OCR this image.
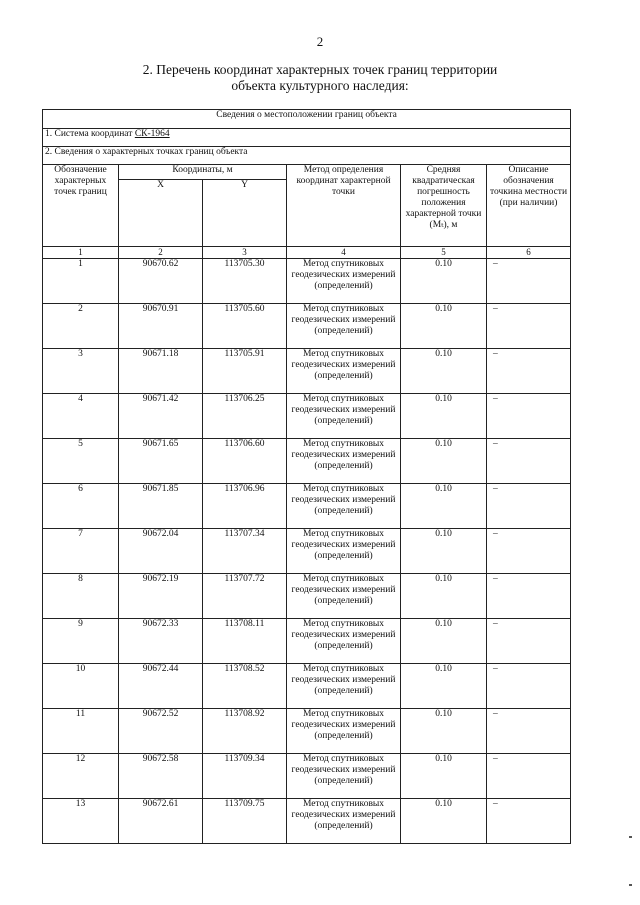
2
2. Перечень координат характерных точек границ территории
объекта культурного наследия:
Сведения о местоположении границ объекта					
1. Система координат СК-1964					
2. Сведения о характерных точках границ объекта					
Обозначение характерных точек границ	Координаты, м		Метод определения координат характерной точки	Средняя квадратическая погрешность положения характерной точки (Мₜ), м	Описание обозначения точкина местности (при наличии)
	X	Y			
1	2	3	4	5	6
1	90670.62	113705.30	Метод спутниковых геодезических измерений (определений)	0.10	–
2	90670.91	113705.60	Метод спутниковых геодезических измерений (определений)	0.10	–
3	90671.18	113705.91	Метод спутниковых геодезических измерений (определений)	0.10	–
4	90671.42	113706.25	Метод спутниковых геодезических измерений (определений)	0.10	–
5	90671.65	113706.60	Метод спутниковых геодезических измерений (определений)	0.10	–
6	90671.85	113706.96	Метод спутниковых геодезических измерений (определений)	0.10	–
7	90672.04	113707.34	Метод спутниковых геодезических измерений (определений)	0.10	–
8	90672.19	113707.72	Метод спутниковых геодезических измерений (определений)	0.10	–
9	90672.33	113708.11	Метод спутниковых геодезических измерений (определений)	0.10	–
10	90672.44	113708.52	Метод спутниковых геодезических измерений (определений)	0.10	–
11	90672.52	113708.92	Метод спутниковых геодезических измерений (определений)	0.10	–
12	90672.58	113709.34	Метод спутниковых геодезических измерений (определений)	0.10	–
13	90672.61	113709.75	Метод спутниковых геодезических измерений (определений)	0.10	–
